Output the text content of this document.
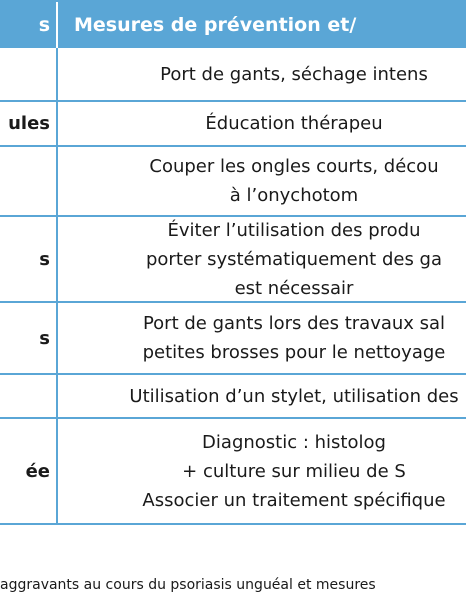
s	Mesures de prévention et/
Port de gants, séchage intens
ules	Éducation thérapeu
Couper les ongles courts, décou
à l’onychotom
s
Éviter l’utilisation des produ
porter systématiquement des ga
est nécessair
s
Port de gants lors des travaux sal
petites brosses pour le nettoyage
Utilisation d’un stylet, utilisation des
ée
Diagnostic : histolog
+ culture sur milieu de S
Associer un traitement spécifique
aggravants au cours du psoriasis unguéal et mesures
